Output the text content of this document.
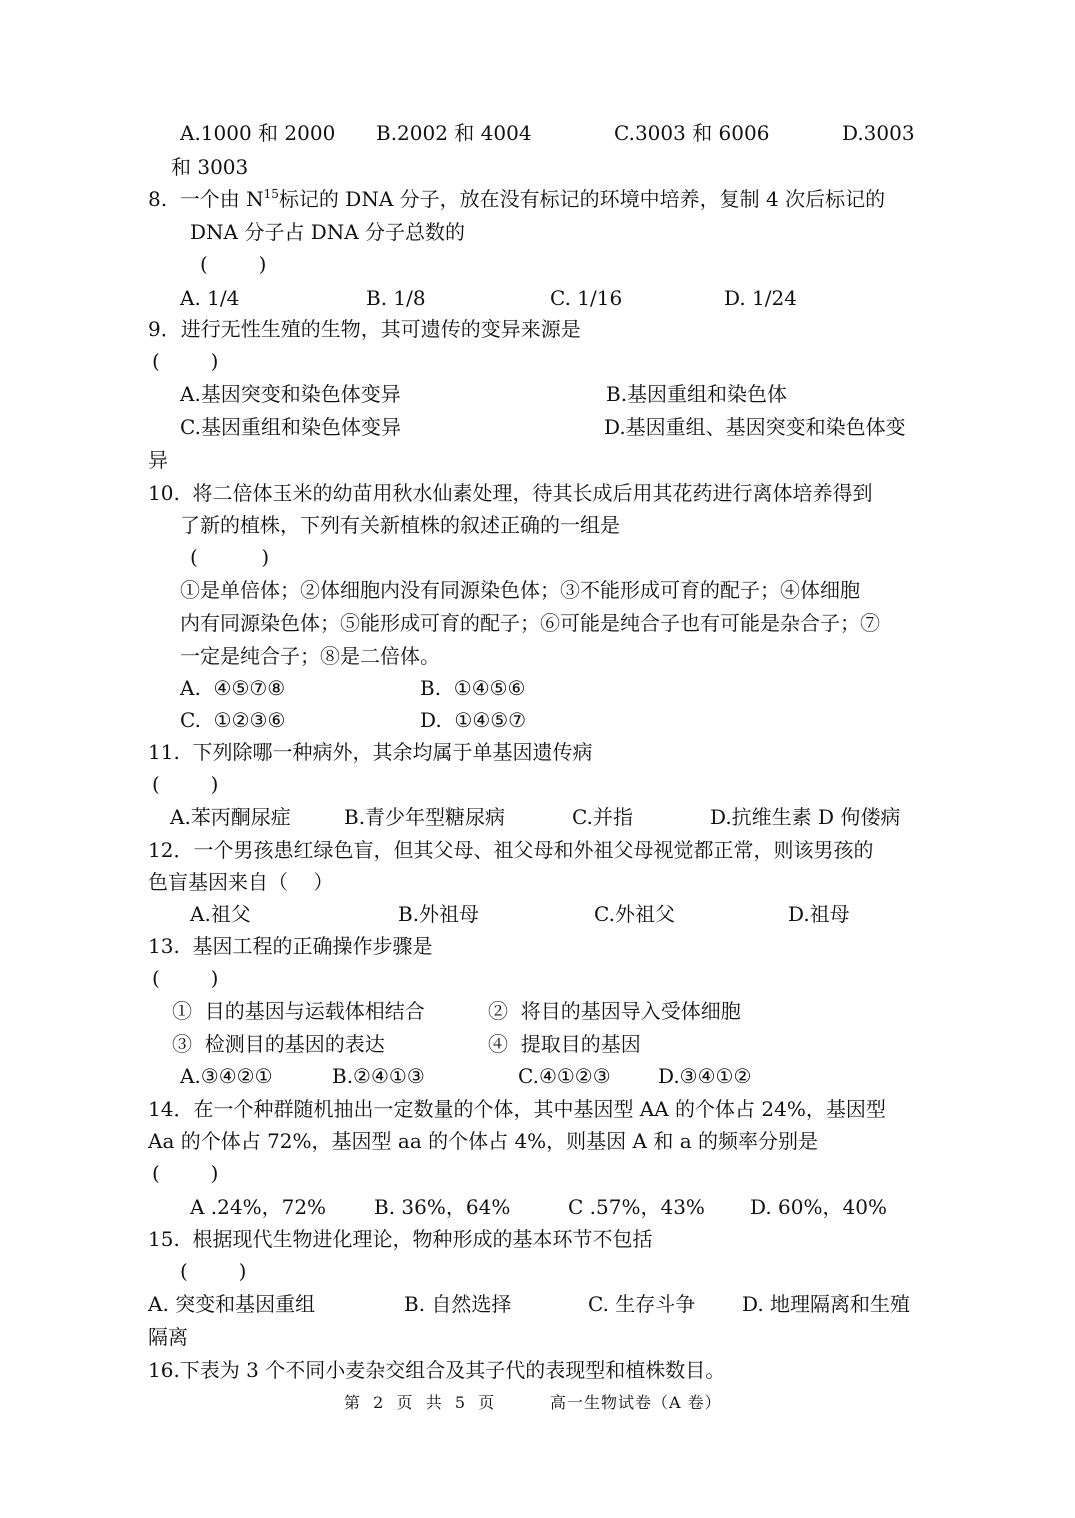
A.1000 和 2000 B.2002 和 4004	C.3003 和 6006	D.3003
和 3003
8.  一个由 $N^{15}$标记的 DNA 分子，放在没有标记的环境中培养，复制 4 次后标记的
DNA 分子占 DNA 分子总数的
(        )
A. 1/4	B. 1/8	C. 1/16	D. 1/24
9．进行无性生殖的生物，其可遗传的变异来源是
(        )
A.基因突变和染色体变异	B.基因重组和染色体
C.基因重组和染色体变异	D.基因重组、基因突变和染色体变
异
10.  将二倍体玉米的幼苗用秋水仙素处理，待其长成后用其花药进行离体培养得到
了新的植株，下列有关新植株的叙述正确的一组是
(          )
①是单倍体；②体细胞内没有同源染色体；③不能形成可育的配子；④体细胞
内有同源染色体；⑤能形成可育的配子；⑥可能是纯合子也有可能是杂合子；⑦
一定是纯合子；⑧是二倍体。
A.  ④⑤⑦⑧	B.  ①④⑤⑥
C.  ①②③⑥	D.  ①④⑤⑦
11.  下列除哪一种病外，其余均属于单基因遗传病
(        )
A.苯丙酮尿症	B.青少年型糖尿病	C.并指	D.抗维生素 D 佝偻病
12．一个男孩患红绿色盲，但其父母、祖父母和外祖父母视觉都正常，则该男孩的
色盲基因来自（    ）
A.祖父	B.外祖母	C.外祖父	D.祖母
13.  基因工程的正确操作步骤是
(        )
①  目的基因与运载体相结合	②  将目的基因导入受体细胞
③  检测目的基因的表达	④  提取目的基因
A.③④②①	B.②④①③	C.④①②③ D.③④①②
14．在一个种群随机抽出一定数量的个体，其中基因型 AA 的个体占 24%，基因型
Aa 的个体占 72%，基因型 aa 的个体占 4%，则基因 A 和 a 的频率分别是
(        )
A .24%，72% B. 36%，64%	C .57%，43% D. 60%，40%
15.  根据现代生物进化理论，物种形成的基本环节不包括
(        )
A. 突变和基因重组	B. 自然选择	C. 生存斗争 D. 地理隔离和生殖
隔离
16.下表为 3 个不同小麦杂交组合及其子代的表现型和植株数目。
第  2  页  共  5  页	高一生物试卷（A 卷）
